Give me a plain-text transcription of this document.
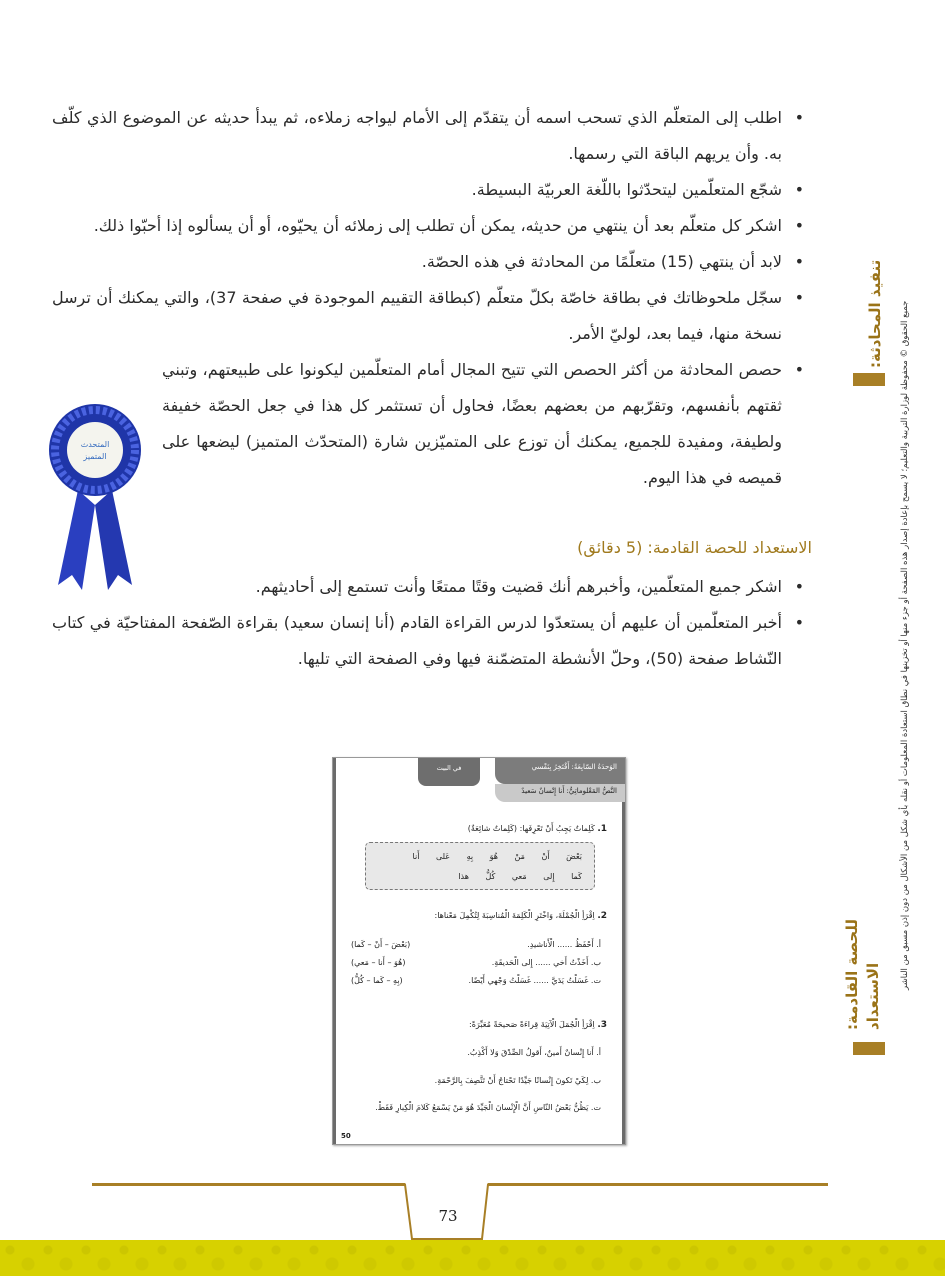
• اطلب إلى المتعلّم الذي تسحب اسمه أن يتقدّم إلى الأمام ليواجه زملاءه، ثم يبدأ حديثه عن الموضوع الذي كلّف به. وأن يريهم الباقة التي رسمها.

• شجّع المتعلّمين ليتحدّثوا باللّغة العربيّة البسيطة.

• اشكر كل متعلّم بعد أن ينتهي من حديثه، يمكن أن تطلب إلى زملائه أن يحيّوه، أو أن يسألوه إذا أحبّوا ذلك.

• لابد أن ينتهي (15) متعلّمًا من المحادثة في هذه الحصّة.

• سجّل ملحوظاتك في بطاقة خاصّة بكلّ متعلّم (كبطاقة التقييم الموجودة في صفحة 37)، والتي يمكنك أن ترسل نسخة منها، فيما بعد، لوليّ الأمر.

• حصص المحادثة من أكثر الحصص التي تتيح المجال أمام المتعلّمين ليكونوا على طبيعتهم، وتبني ثقتهم بأنفسهم، وتقرّبهم من بعضهم بعضًا، فحاول أن تستثمر كل هذا في جعل الحصّة خفيفة ولطيفة، ومفيدة للجميع، يمكنك أن توزع على المتميّزين شارة (المتحدّث المتميز) ليضعها على قميصه في هذا اليوم.

الاستعداد للحصة القادمة: (5 دقائق)

• اشكر جميع المتعلّمين، وأخبرهم أنك قضيت وقتًا ممتعًا وأنت تستمع إلى أحاديثهم.

• أخبر المتعلّمين أن عليهم أن يستعدّوا لدرس القراءة القادم (أنا إنسان سعيد) بقراءة الصّفحة المفتاحيّة في كتاب النّشاط صفحة (50)، وحلّ الأنشطة المتضمّنة فيها وفي الصفحة التي تليها.

المتحدث
المتميز
تنفيذ المحادثة:
الاستعداد
للحصة القادمة:	جميع الحقوق © محفوظة لوزارة التربية والتعليم؛ لا يسمح بإعادة إصدار هذه الصفحة أو جزء منها أو تخزينها في نطاق استعادة المعلومات أو نقله بأي شكل من الأشكال من دون إذن مسبق من الناشر
الوَحدَةُ السّابِعَةُ: أَفْتَخِرُ بِنَفْسي
النَّصُّ المَعْلوماتِيُّ: أَنا إِنْسانٌ سَعيدٌ
في البيت
1. كَلِماتٌ يَجِبُ أَنْ تَعْرِفَها: (كَلِماتٌ شائِعَةٌ)
بَعْضَ أَنْ مَنْ هُوَ بِهِ عَلى أَنا
كَما إِلى مَعي كُلُّ هذا
2. اِقْرَأِ الْجُمْلَةَ، وَاخْتَرِ الْكَلِمَةَ الْمُناسِبَةَ لِتُكْمِلَ مَعْناها:
أ. أَحْفَظُ ...... الْأَناشيدِ.
(بَعْضَ – أَنْ – كَما)
ب. أَخَذْتُ أَخي ...... إِلى الْحَديقَةِ.
(هُوَ – أَنا – مَعي)
ت. غَسَلْتُ يَدَيَّ ...... غَسَلْتُ وَجْهي أَيْضًا.
(بِهِ – كَما – كُلُّ)
3. اِقْرَأِ الْجُمَلَ الْآتِيَةَ قِراءَةً صَحيحَةً مُعَبِّرَةً:
أ. أَنا إِنْسانٌ أَمينٌ، أَقولُ الصِّدْقَ وَلا أَكْذِبُ.
ب. لِكَيْ تَكونَ إِنْسانًا جَيِّدًا تَحْتاجُ أَنْ تَتَّصِفَ بِالرَّحْمَةِ.
ت. يَظُنُّ بَعْضُ النّاسِ أَنَّ الْإِنْسانَ الْجَيِّدَ هُوَ مَنْ يَسْمَعُ كَلامَ الْكِبارِ فَقَطْ.
50
73
